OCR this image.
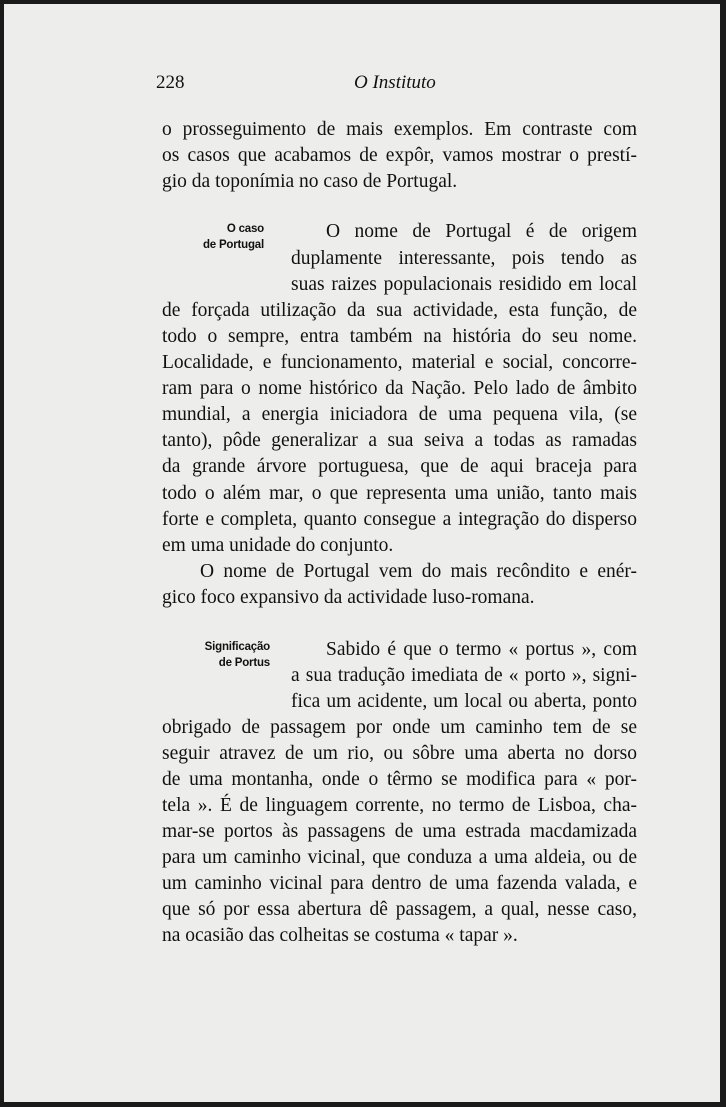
228	O Instituto
o prosseguimento de mais exemplos. Em contraste com
os casos que acabamos de expôr, vamos mostrar o prestí-
gio da toponímia no caso de Portugal.
O caso
de Portugal
O nome de Portugal é de origem
duplamente interessante, pois tendo as
suas raizes populacionais residido em local
de forçada utilização da sua actividade, esta função, de
todo o sempre, entra também na história do seu nome.
Localidade, e funcionamento, material e social, concorre-
ram para o nome histórico da Nação. Pelo lado de âmbito
mundial, a energia iniciadora de uma pequena vila, (se
tanto), pôde generalizar a sua seiva a todas as ramadas
da grande árvore portuguesa, que de aqui braceja para
todo o além mar, o que representa uma união, tanto mais
forte e completa, quanto consegue a integração do disperso
em uma unidade do conjunto.
O nome de Portugal vem do mais recôndito e enér-
gico foco expansivo da actividade luso-romana.
Significação
de Portus
Sabido é que o termo « portus », com
a sua tradução imediata de « porto », signi-
fica um acidente, um local ou aberta, ponto
obrigado de passagem por onde um caminho tem de se
seguir atravez de um rio, ou sôbre uma aberta no dorso
de uma montanha, onde o têrmo se modifica para « por-
tela ». É de linguagem corrente, no termo de Lisboa, cha-
mar-se portos às passagens de uma estrada macdamizada
para um caminho vicinal, que conduza a uma aldeia, ou de
um caminho vicinal para dentro de uma fazenda valada, e
que só por essa abertura dê passagem, a qual, nesse caso,
na ocasião das colheitas se costuma « tapar ».
